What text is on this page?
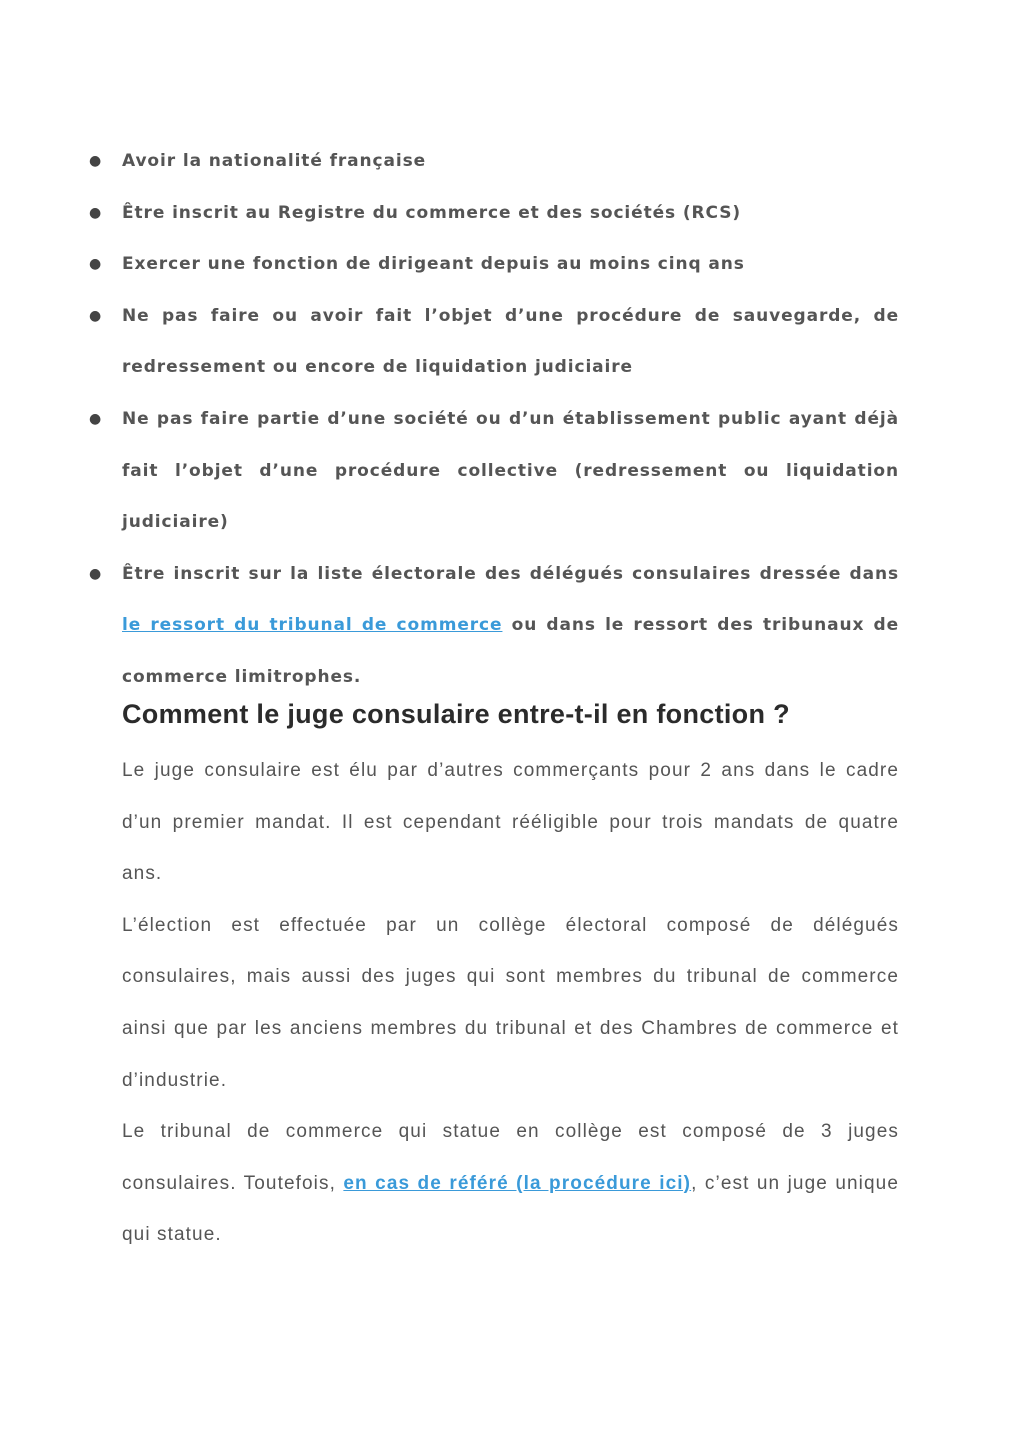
● Avoir la nationalité française

● Être inscrit au Registre du commerce et des sociétés (RCS)

● Exercer une fonction de dirigeant depuis au moins cinq ans

● Ne pas faire ou avoir fait l’objet d’une procédure de sauvegarde, de redressement ou encore de liquidation judiciaire

● Ne pas faire partie d’une société ou d’un établissement public ayant déjà fait l’objet d’une procédure collective (redressement ou liquidation judiciaire)

● Être inscrit sur la liste électorale des délégués consulaires dressée dans le ressort du tribunal de commerce ou dans le ressort des tribunaux de commerce limitrophes.

Comment le juge consulaire entre-t-il en fonction ?

Le juge consulaire est élu par d’autres commerçants pour 2 ans dans le cadre d’un premier mandat. Il est cependant rééligible pour trois mandats de quatre ans.

L’élection est effectuée par un collège électoral composé de délégués consulaires, mais aussi des juges qui sont membres du tribunal de commerce ainsi que par les anciens membres du tribunal et des Chambres de commerce et d’industrie.

Le tribunal de commerce qui statue en collège est composé de 3 juges consulaires. Toutefois, en cas de référé (la procédure ici), c’est un juge unique qui statue.
